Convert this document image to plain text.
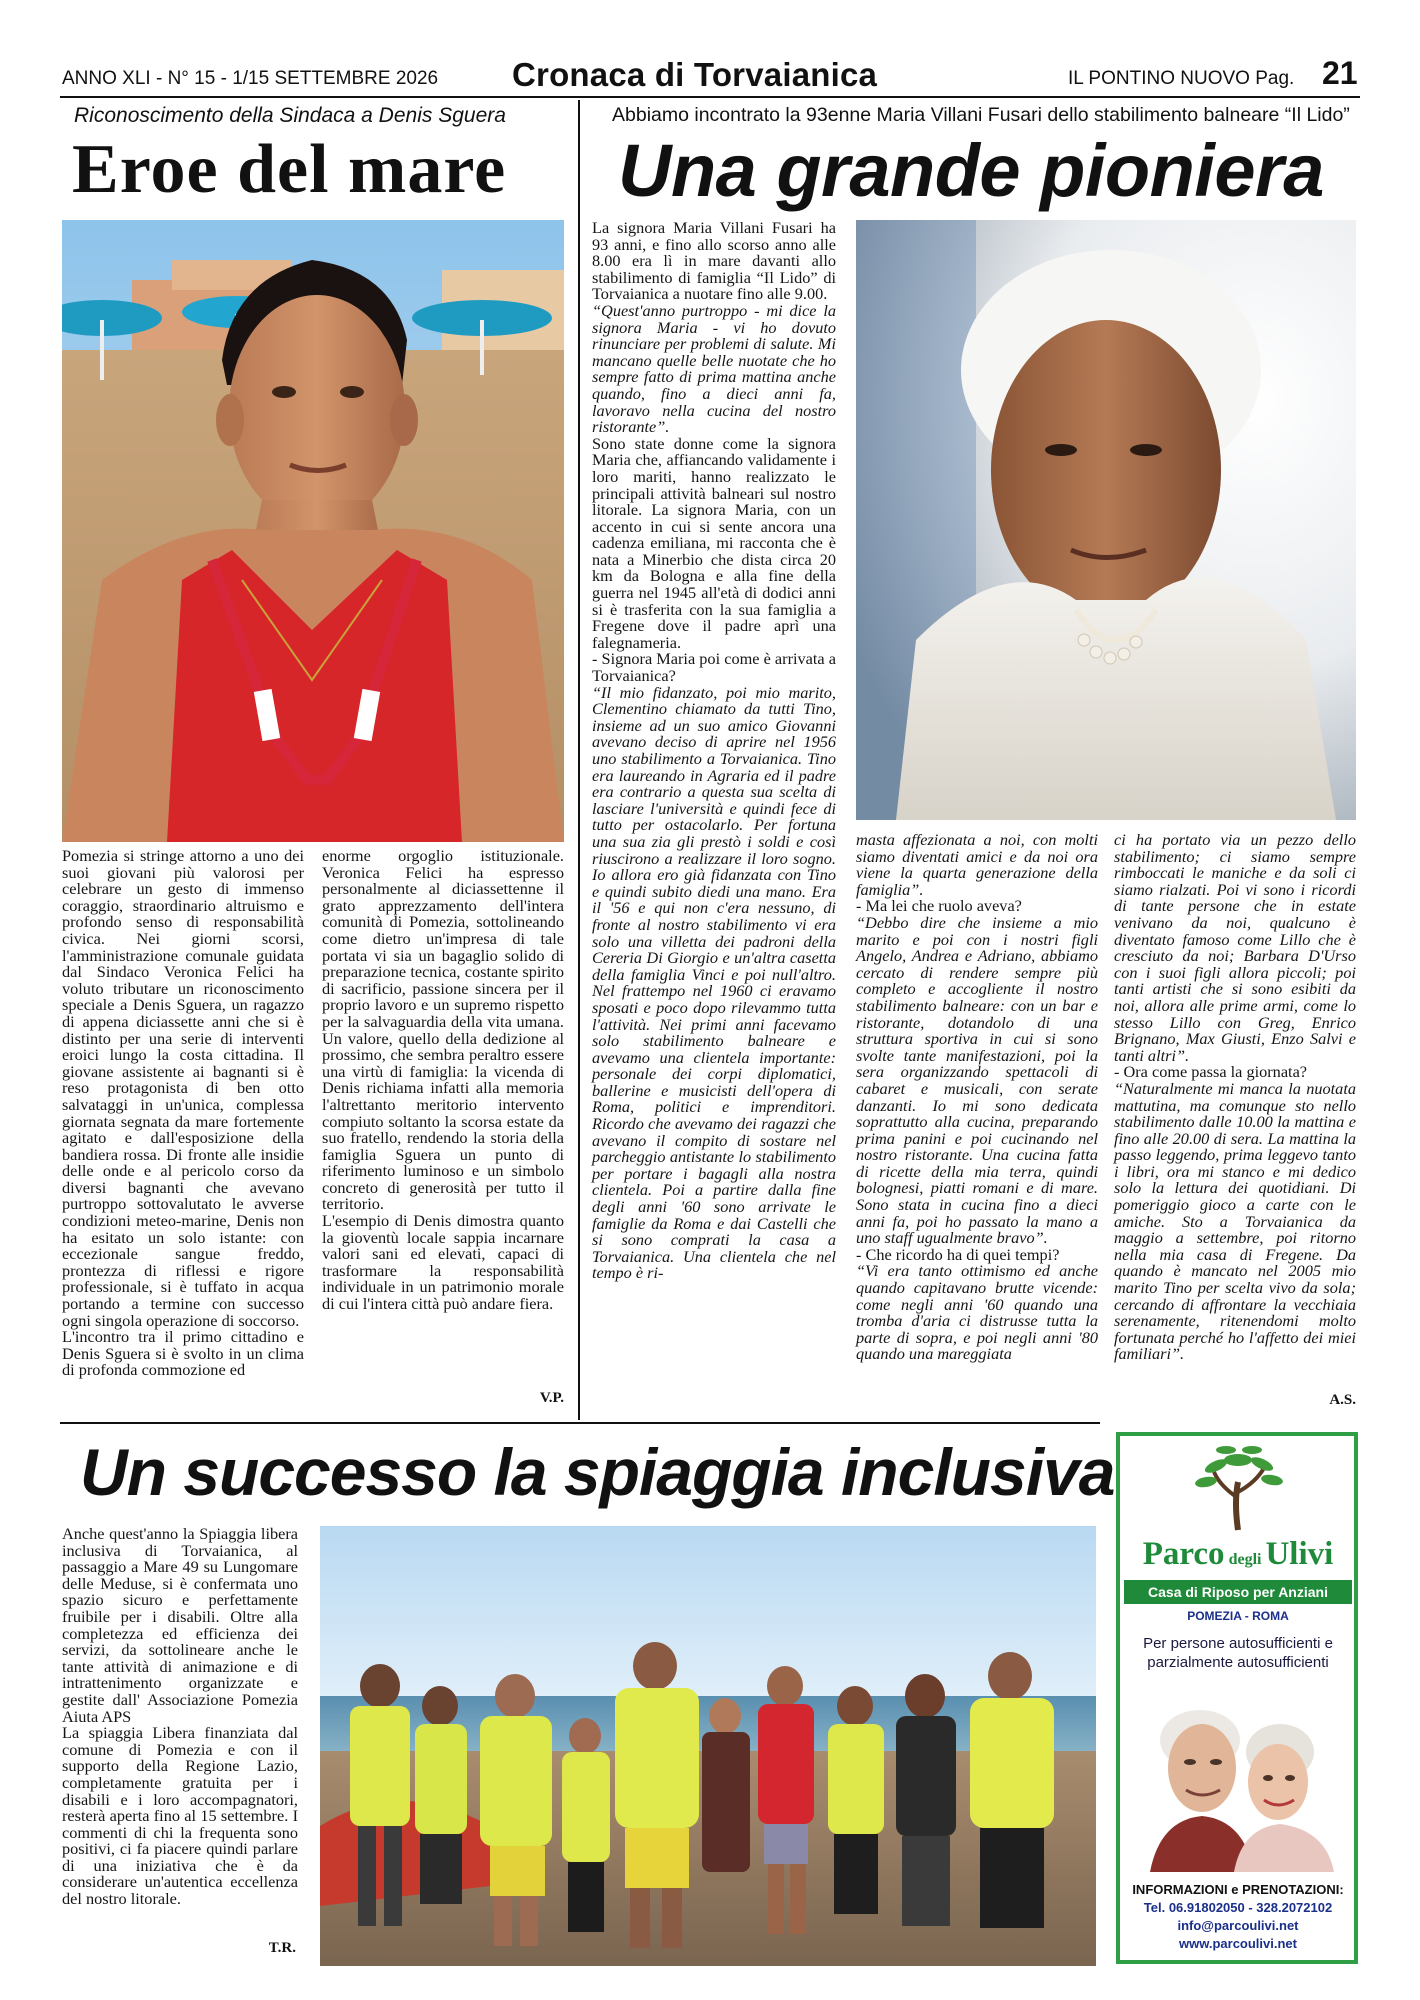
ANNO XLI - N° 15 - 1/15 SETTEMBRE 2026 Cronaca di Torvaianica	IL PONTINO NUOVO Pag. 21
Riconoscimento della Sindaca a Denis Sguera
Eroe del mare

Pomezia si stringe attorno a uno dei suoi giovani più valorosi per celebrare un gesto di immenso coraggio, straordinario altruismo e profondo senso di responsabilità civica. Nei giorni scorsi, l'amministrazione comunale guidata dal Sindaco Veronica Felici ha voluto tributare un riconoscimento speciale a Denis Sguera, un ragazzo di appena diciassette anni che si è distinto per una serie di interventi eroici lungo la costa cittadina. Il giovane assistente ai bagnanti si è reso protagonista di ben otto salvataggi in un'unica, complessa giornata segnata da mare fortemente agitato e dall'esposizione della bandiera rossa. Di fronte alle insidie delle onde e al pericolo corso da diversi bagnanti che avevano purtroppo sottovalutato le avverse condizioni meteo-marine, Denis non ha esitato un solo istante: con eccezionale sangue freddo, prontezza di riflessi e rigore professionale, si è tuffato in acqua portando a termine con successo ogni singola operazione di soccorso.
L'incontro tra il primo cittadino e Denis Sguera si è svolto in un clima di profonda commozione ed

enorme orgoglio istituzionale. Veronica Felici ha espresso personalmente al diciassettenne il grato apprezzamento dell'intera comunità di Pomezia, sottolineando come dietro un'impresa di tale portata vi sia un bagaglio solido di preparazione tecnica, costante spirito di sacrificio, passione sincera per il proprio lavoro e un supremo rispetto per la salvaguardia della vita umana. Un valore, quello della dedizione al prossimo, che sembra peraltro essere una virtù di famiglia: la vicenda di Denis richiama infatti alla memoria l'altrettanto meritorio intervento compiuto soltanto la scorsa estate da suo fratello, rendendo la storia della famiglia Sguera un punto di riferimento luminoso e un simbolo concreto di generosità per tutto il territorio.
L'esempio di Denis dimostra quanto la gioventù locale sappia incarnare valori sani ed elevati, capaci di trasformare la responsabilità individuale in un patrimonio morale di cui l'intera città può andare fiera.

V.P.
Abbiamo incontrato la 93enne Maria Villani Fusari dello stabilimento balneare “Il Lido”
Una grande pioniera

La signora Maria Villani Fusari ha 93 anni, e fino allo scorso anno alle 8.00 era lì in mare davanti allo stabilimento di famiglia “Il Lido” di Torvaianica a nuotare fino alle 9.00.

“Quest'anno purtroppo - mi dice la signora Maria - vi ho dovuto rinunciare per problemi di salute. Mi mancano quelle belle nuotate che ho sempre fatto di prima mattina anche quando, fino a dieci anni fa, lavoravo nella cucina del nostro ristorante”.

Sono state donne come la signora Maria che, affiancando validamente i loro mariti, hanno realizzato le principali attività balneari sul nostro litorale. La signora Maria, con un accento in cui si sente ancora una cadenza emiliana, mi racconta che è nata a Minerbio che dista circa 20 km da Bologna e alla fine della guerra nel 1945 all'età di dodici anni si è trasferita con la sua famiglia a Fregene dove il padre aprì una falegnameria.

- Signora Maria poi come è arrivata a Torvaianica?

“Il mio fidanzato, poi mio marito, Clementino chiamato da tutti Tino, insieme ad un suo amico Giovanni avevano deciso di aprire nel 1956 uno stabilimento a Torvaianica. Tino era laureando in Agraria ed il padre era contrario a questa sua scelta di lasciare l'università e quindi fece di tutto per ostacolarlo. Per fortuna una sua zia gli prestò i soldi e così riuscirono a realizzare il loro sogno. Io allora ero già fidanzata con Tino e quindi subito diedi una mano. Era il '56 e qui non c'era nessuno, di fronte al nostro stabilimento vi era solo una villetta dei padroni della Cereria Di Giorgio e un'altra casetta della famiglia Vinci e poi null'altro. Nel frattempo nel 1960 ci eravamo sposati e poco dopo rilevammo tutta l'attività. Nei primi anni facevamo solo stabilimento balneare e avevamo una clientela importante: personale dei corpi diplomatici, ballerine e musicisti dell'opera di Roma, politici e imprenditori. Ricordo che avevamo dei ragazzi che avevano il compito di sostare nel parcheggio antistante lo stabilimento per portare i bagagli alla nostra clientela. Poi a partire dalla fine degli anni '60 sono arrivate le famiglie da Roma e dai Castelli che si sono comprati la casa a Torvaianica. Una clientela che nel tempo è ri-

masta affezionata a noi, con molti siamo diventati amici e da noi ora viene la quarta generazione della famiglia”.

- Ma lei che ruolo aveva?

“Debbo dire che insieme a mio marito e poi con i nostri figli Angelo, Andrea e Adriano, abbiamo cercato di rendere sempre più completo e accogliente il nostro stabilimento balneare: con un bar e ristorante, dotandolo di una struttura sportiva in cui si sono svolte tante manifestazioni, poi la sera organizzando spettacoli di cabaret e musicali, con serate danzanti. Io mi sono dedicata soprattutto alla cucina, preparando prima panini e poi cucinando nel nostro ristorante. Una cucina fatta di ricette della mia terra, quindi bolognesi, piatti romani e di mare. Sono stata in cucina fino a dieci anni fa, poi ho passato la mano a uno staff ugualmente bravo”.

- Che ricordo ha di quei tempi?

“Vi era tanto ottimismo ed anche quando capitavano brutte vicende: come negli anni '60 quando una tromba d'aria ci distrusse tutta la parte di sopra, e poi negli anni '80 quando una mareggiata

ci ha portato via un pezzo dello stabilimento; ci siamo sempre rimboccati le maniche e da soli ci siamo rialzati. Poi vi sono i ricordi di tante persone che in estate venivano da noi, qualcuno è diventato famoso come Lillo che è cresciuto da noi; Barbara D'Urso con i suoi figli allora piccoli; poi tanti artisti che si sono esibiti da noi, allora alle prime armi, come lo stesso Lillo con Greg, Enrico Brignano, Max Giusti, Enzo Salvi e tanti altri”.

- Ora come passa la giornata?

“Naturalmente mi manca la nuotata mattutina, ma comunque sto nello stabilimento dalle 10.00 la mattina e fino alle 20.00 di sera. La mattina la passo leggendo, prima leggevo tanto i libri, ora mi stanco e mi dedico solo la lettura dei quotidiani. Di pomeriggio gioco a carte con le amiche. Sto a Torvaianica da maggio a settembre, poi ritorno nella mia casa di Fregene. Da quando è mancato nel 2005 mio marito Tino per scelta vivo da sola; cercando di affrontare la vecchiaia serenamente, ritenendomi molto fortunata perché ho l'affetto dei miei familiari”.

A.S.
Un successo la spiaggia inclusiva

Anche quest'anno la Spiaggia libera inclusiva di Torvaianica, al passaggio a Mare 49 su Lungomare delle Meduse, si è confermata uno spazio sicuro e perfettamente fruibile per i disabili. Oltre alla completezza ed efficienza dei servizi, da sottolineare anche le tante attività di animazione e di intrattenimento organizzate e gestite dall' Associazione Pomezia Aiuta APS
La spiaggia Libera finanziata dal comune di Pomezia e con il supporto della Regione Lazio, completamente gratuita per i disabili e i loro accompagnatori, resterà aperta fino al 15 settembre. I commenti di chi la frequenta sono positivi, ci fa piacere quindi parlare di una iniziativa che è da considerare un'autentica eccellenza del nostro litorale.

T.R.
Parco degli Ulivi
Casa di Riposo per Anziani
POMEZIA - ROMA
Per persone autosufficienti e parzialmente autosufficienti
INFORMAZIONI e PRENOTAZIONI:
Tel. 06.91802050 - 328.2072102
info@parcoulivi.net
www.parcoulivi.net
